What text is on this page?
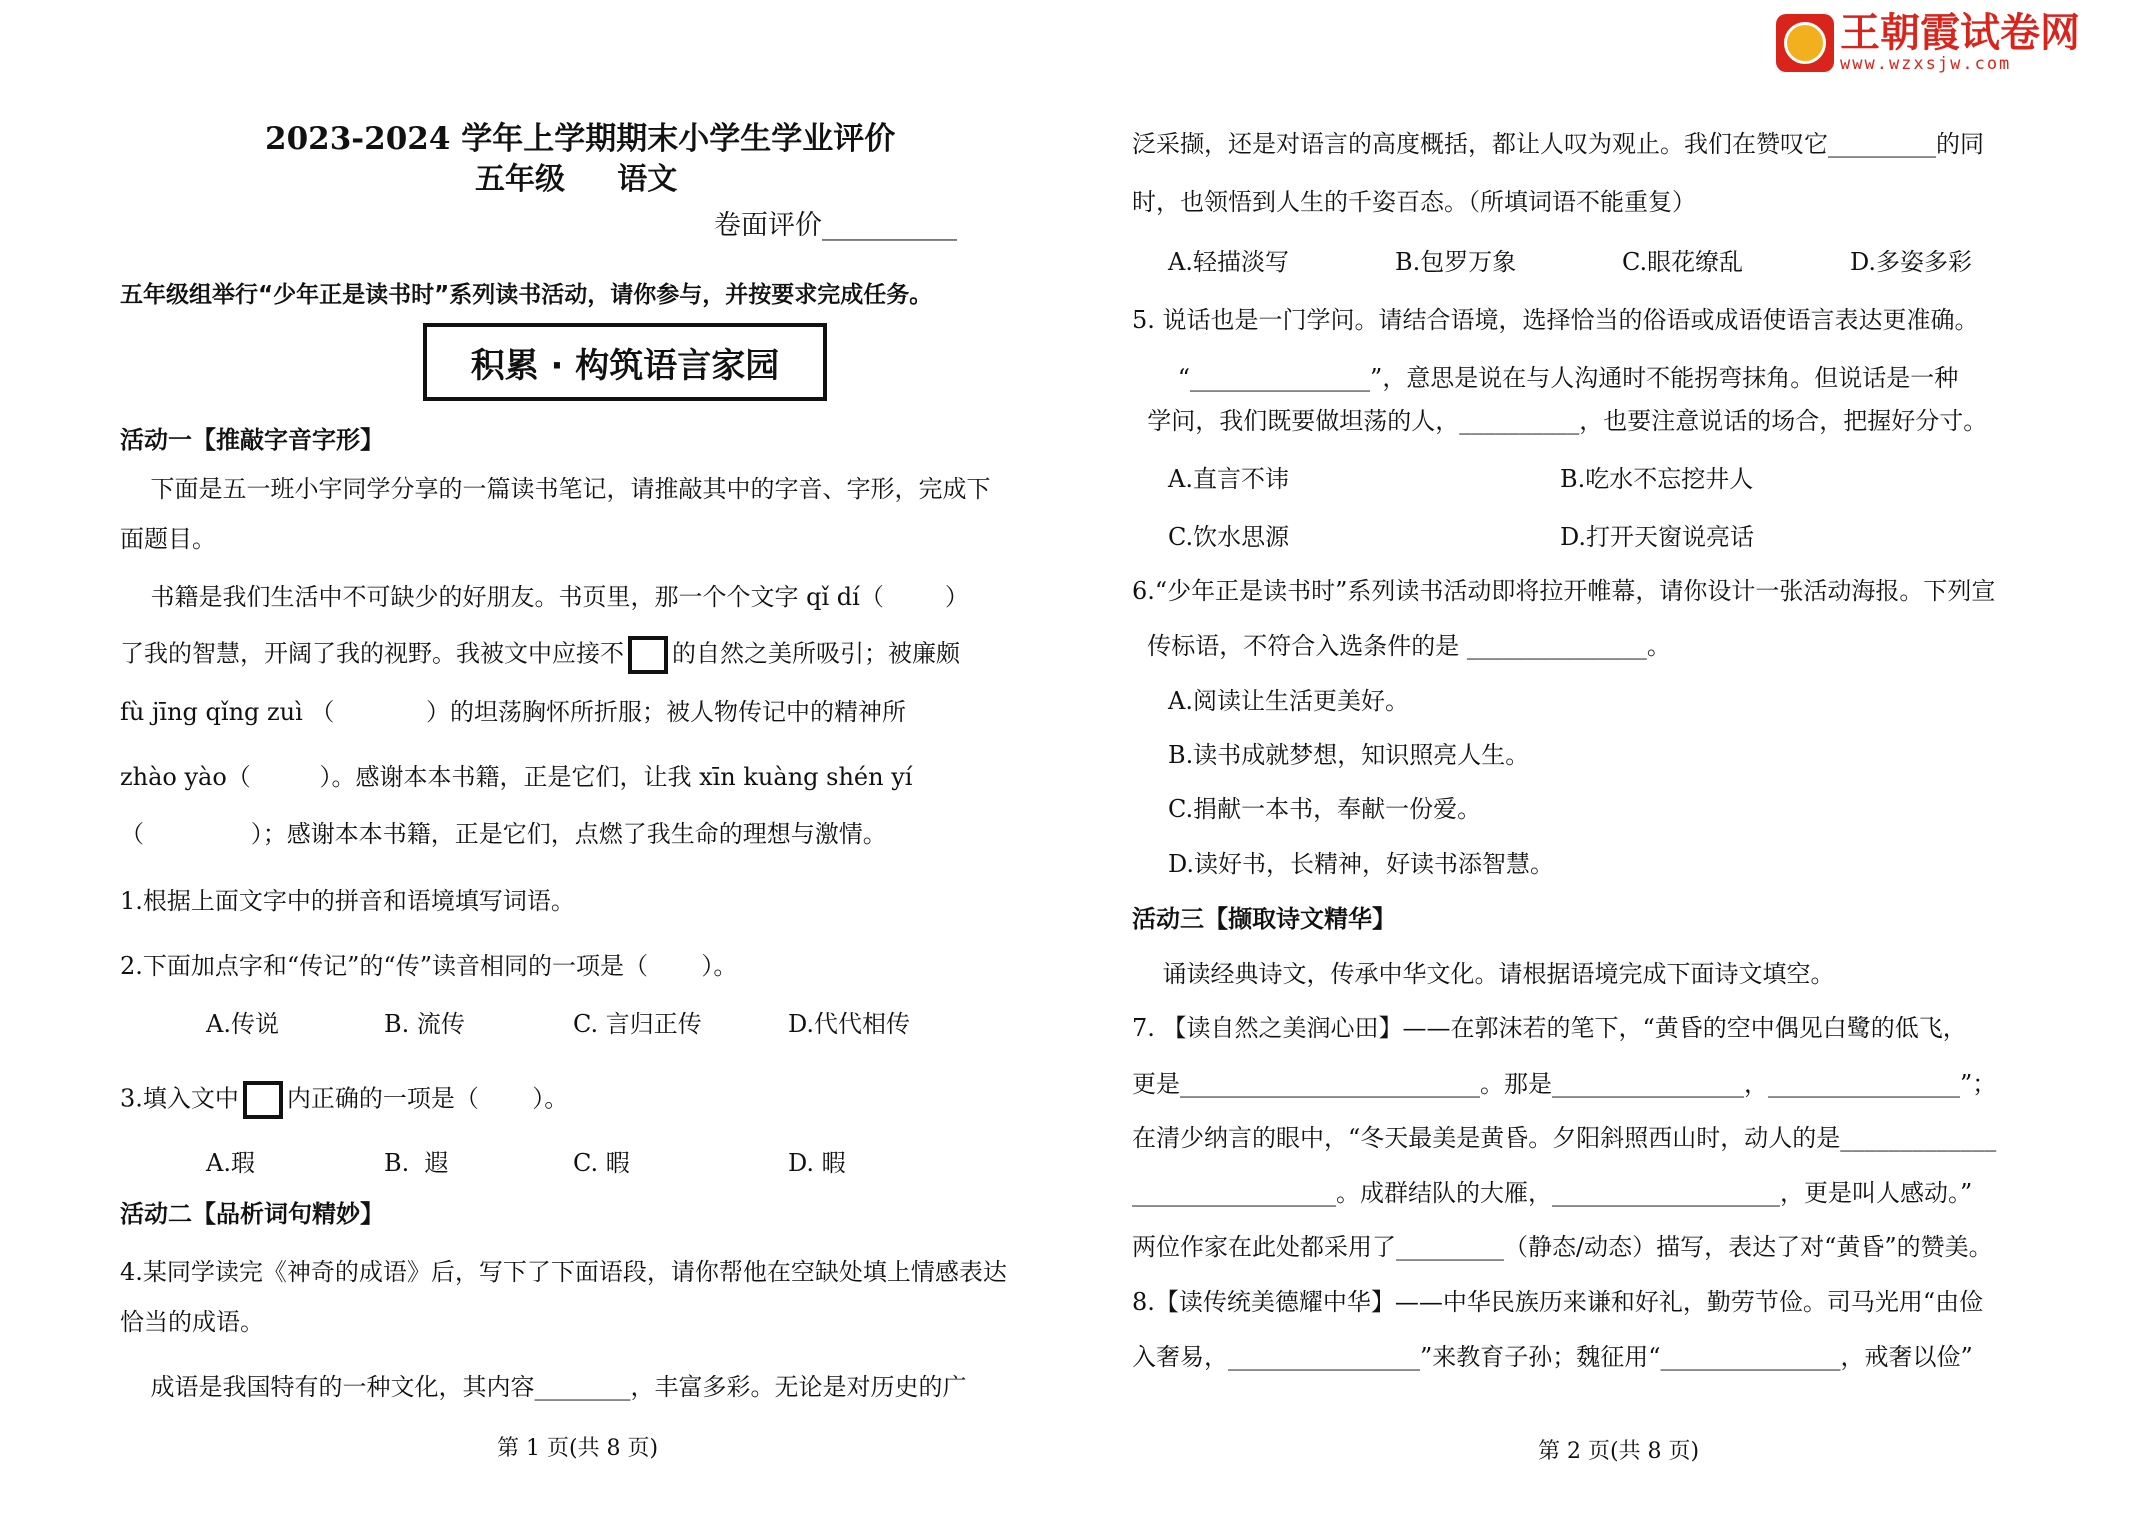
王朝霞试卷网
www.wzxsjw.com
2023-2024 学年上学期期末小学生学业评价
五年级     语文
卷面评价__________
五年级组举行“少年正是读书时”系列读书活动，请你参与，并按要求完成任务。
积累 · 构筑语言家园
活动一【推敲字音字形】
下面是五一班小宇同学分享的一篇读书笔记，请推敲其中的字音、字形，完成下
面题目。
书籍是我们生活中不可缺少的好朋友。书页里，那一个个文字 qǐ dí（        ）
了我的智慧，开阔了我的视野。我被文中应接不 的自然之美所吸引；被廉颇
fù jīng qǐng zuì （            ）的坦荡胸怀所折服；被人物传记中的精神所
zhào yào（         ）。感谢本本书籍，正是它们，让我 xīn kuàng shén yí
（              ）；感谢本本书籍，正是它们，点燃了我生命的理想与激情。
1.根据上面文字中的拼音和语境填写词语。
2.下面加点字和“传记”的“传”读音相同的一项是（       ）。
A.传说	B. 流传	C. 言归正传	D.代代相传
3.填入文中 内正确的一项是（       ）。
A.瑕	B.  遐	C. 暇	D. 暇
活动二【品析词句精妙】
4.某同学读完《神奇的成语》后，写下了下面语段，请你帮他在空缺处填上情感表达
恰当的成语。
成语是我国特有的一种文化，其内容________，丰富多彩。无论是对历史的广
第 1 页(共 8 页)
泛采撷，还是对语言的高度概括，都让人叹为观止。我们在赞叹它_________的同
时，也领悟到人生的千姿百态。（所填词语不能重复）
A.轻描淡写	B.包罗万象	C.眼花缭乱	D.多姿多彩
5. 说话也是一门学问。请结合语境，选择恰当的俗语或成语使语言表达更准确。
“_______________”，意思是说在与人沟通时不能拐弯抹角。但说话是一种
学问，我们既要做坦荡的人，__________，也要注意说话的场合，把握好分寸。
A.直言不讳	B.吃水不忘挖井人
C.饮水思源	D.打开天窗说亮话
6.“少年正是读书时”系列读书活动即将拉开帷幕，请你设计一张活动海报。下列宣
传标语，不符合入选条件的是 _______________。
A.阅读让生活更美好。
B.读书成就梦想，知识照亮人生。
C.捐献一本书，奉献一份爱。
D.读好书，长精神，好读书添智慧。
活动三【撷取诗文精华】
诵读经典诗文，传承中华文化。请根据语境完成下面诗文填空。
7. 【读自然之美润心田】——在郭沫若的笔下，“黄昏的空中偶见白鹭的低飞，
更是_________________________。那是________________，________________”；
在清少纳言的眼中，“冬天最美是黄昏。夕阳斜照西山时，动人的是_____________
_________________。成群结队的大雁，___________________，更是叫人感动。”
两位作家在此处都采用了_________（静态/动态）描写，表达了对“黄昏”的赞美。
8.【读传统美德耀中华】——中华民族历来谦和好礼，勤劳节俭。司马光用“由俭
入奢易，________________”来教育子孙；魏征用“_______________，戒奢以俭”
第 2 页(共 8 页)
